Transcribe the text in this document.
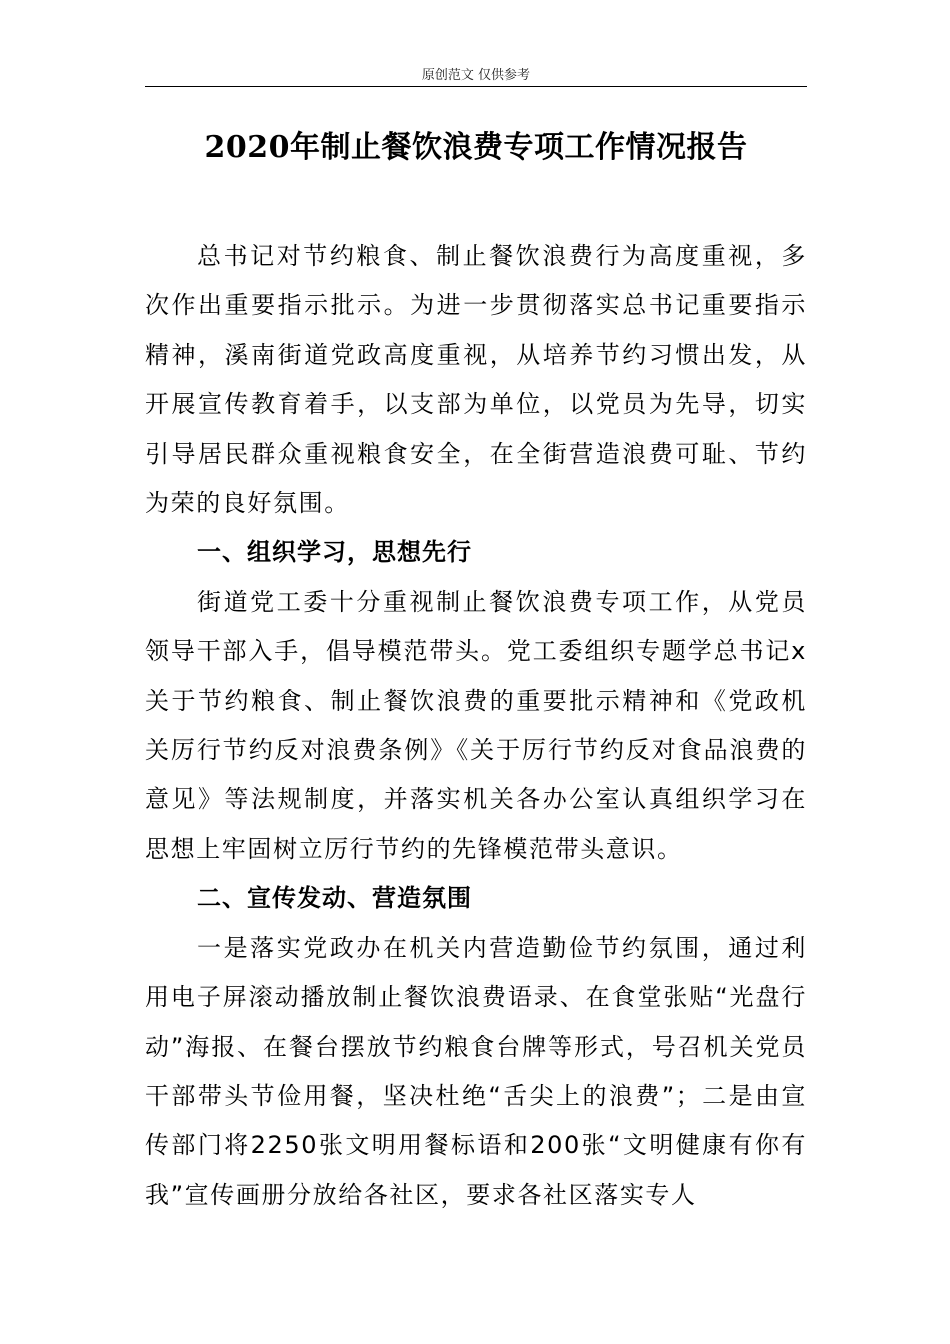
原创范文 仅供参考
2020年制止餐饮浪费专项工作情况报告

总书记对节约粮食、制止餐饮浪费行为高度重视，多次作出重要指示批示。为进一步贯彻落实总书记重要指示精神，溪南街道党政高度重视，从培养节约习惯出发，从开展宣传教育着手，以支部为单位，以党员为先导，切实引导居民群众重视粮食安全，在全街营造浪费可耻、节约为荣的良好氛围。

一、组织学习，思想先行

街道党工委十分重视制止餐饮浪费专项工作，从党员领导干部入手，倡导模范带头。党工委组织专题学总书记x关于节约粮食、制止餐饮浪费的重要批示精神和《党政机关厉行节约反对浪费条例》《关于厉行节约反对食品浪费的意见》等法规制度，并落实机关各办公室认真组织学习在思想上牢固树立厉行节约的先锋模范带头意识。

二、宣传发动、营造氛围

一是落实党政办在机关内营造勤俭节约氛围，通过利用电子屏滚动播放制止餐饮浪费语录、在食堂张贴“光盘行动”海报、在餐台摆放节约粮食台牌等形式，号召机关党员干部带头节俭用餐，坚决杜绝“舌尖上的浪费”；二是由宣传部门将2250张文明用餐标语和200张“文明健康有你有我”宣传画册分放给各社区，要求各社区落实专人
